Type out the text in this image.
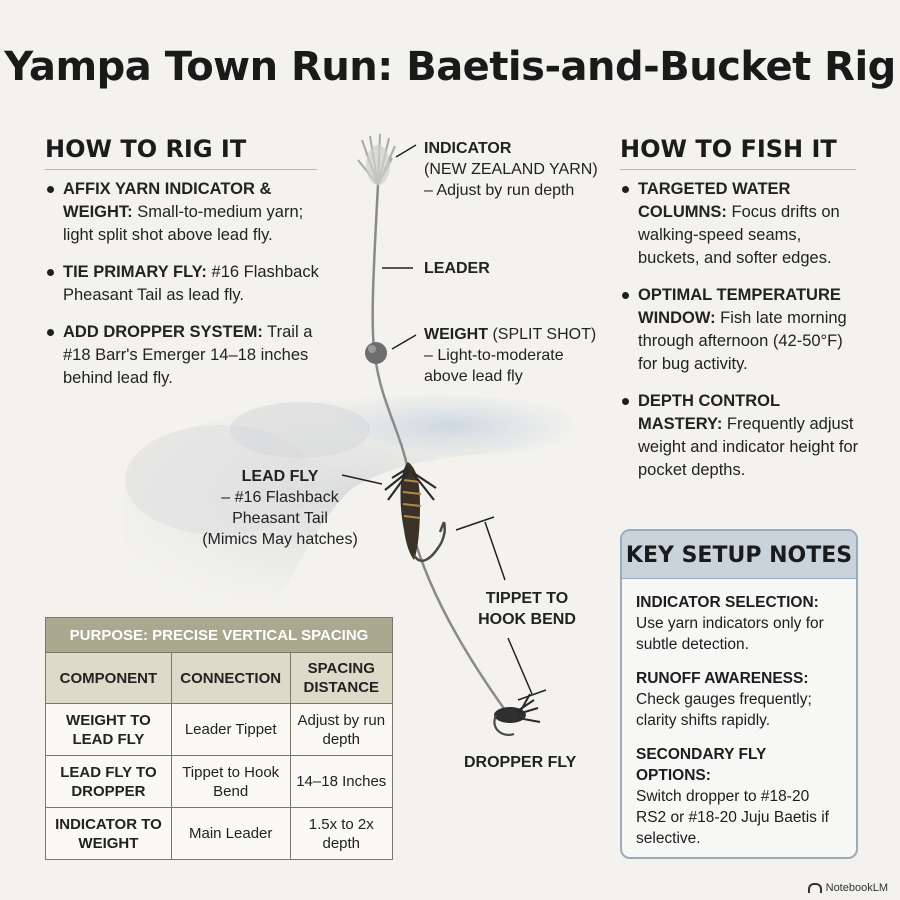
Yampa Town Run: Baetis-and-Bucket Rig
HOW TO RIG IT
AFFIX YARN INDICATOR & WEIGHT: Small-to-medium yarn; light split shot above lead fly.
TIE PRIMARY FLY: #16 Flashback Pheasant Tail as lead fly.
ADD DROPPER SYSTEM: Trail a #18 Barr's Emerger 14–18 inches behind lead fly.
HOW TO FISH IT
TARGETED WATER COLUMNS: Focus drifts on walking-speed seams, buckets, and softer edges.
OPTIMAL TEMPERATURE WINDOW: Fish late morning through afternoon (42-50°F) for bug activity.
DEPTH CONTROL MASTERY: Frequently adjust weight and indicator height for pocket depths.
INDICATOR
(NEW ZEALAND YARN)
– Adjust by run depth
LEADER
WEIGHT (SPLIT SHOT)
– Light-to-moderate
above lead fly
LEAD FLY
– #16 Flashback
Pheasant Tail
(Mimics May hatches)
TIPPET TO
HOOK BEND
DROPPER FLY
PURPOSE: PRECISE VERTICAL SPACING		
COMPONENT	CONNECTION	SPACING DISTANCE
WEIGHT TO LEAD FLY	Leader Tippet	Adjust by run depth
LEAD FLY TO DROPPER	Tippet to Hook Bend	14–18 Inches
INDICATOR TO WEIGHT	Main Leader	1.5x to 2x depth
KEY SETUP NOTES
INDICATOR SELECTION:
Use yarn indicators only for subtle detection.
RUNOFF AWARENESS:
Check gauges frequently; clarity shifts rapidly.
SECONDARY FLY OPTIONS:
Switch dropper to #18-20 RS2 or #18-20 Juju Baetis if selective.
NotebookLM
